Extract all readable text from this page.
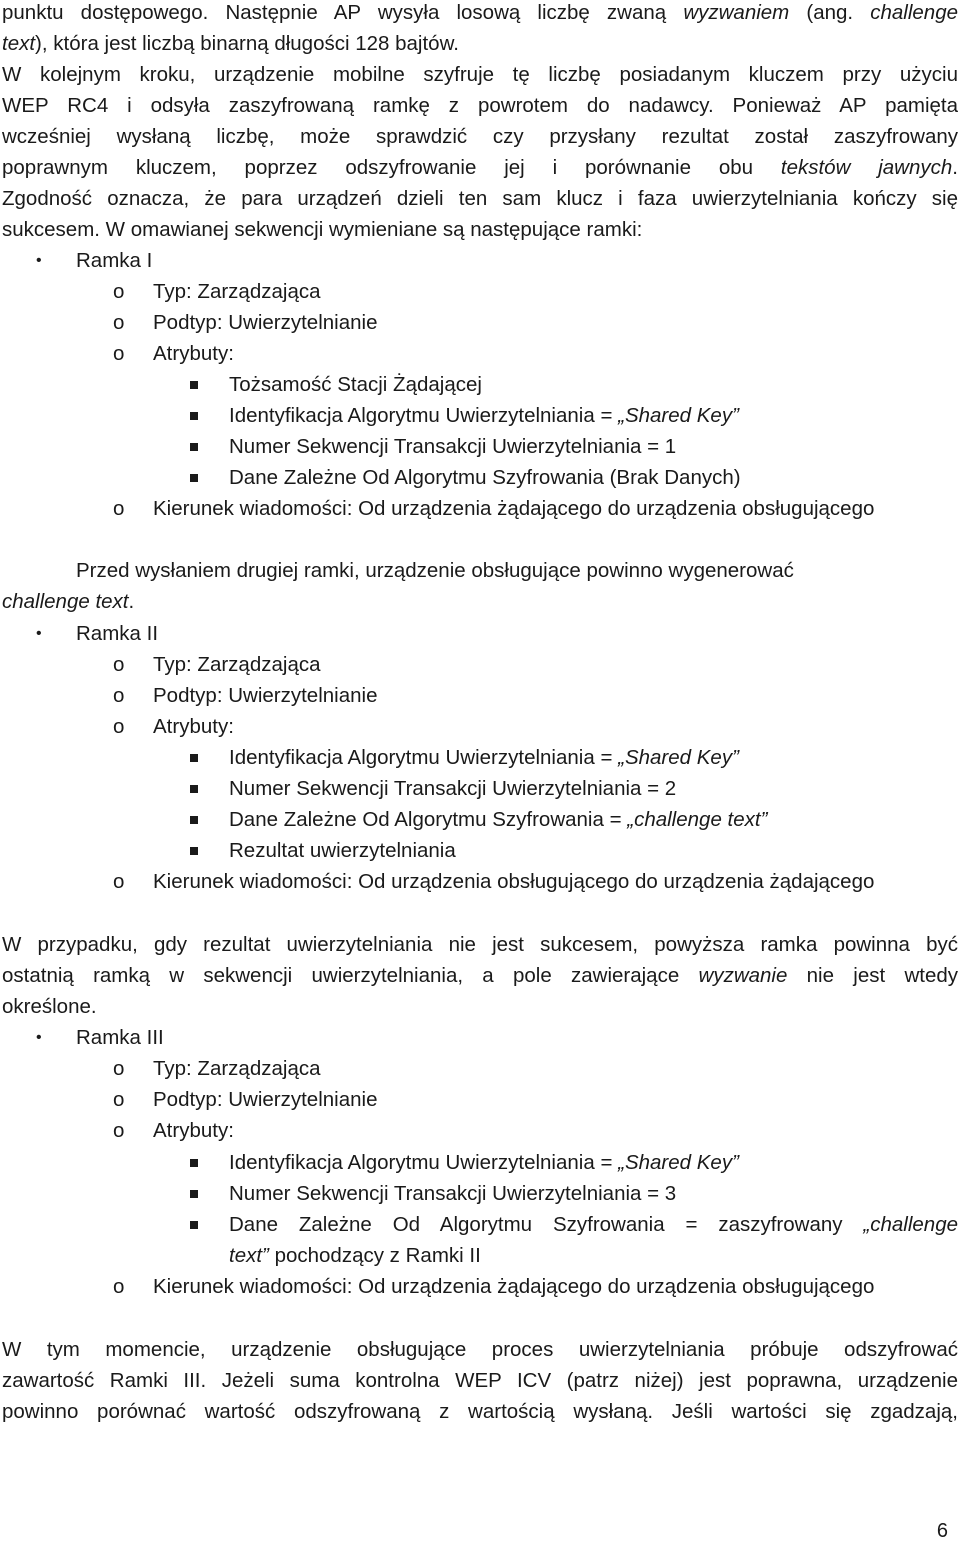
punktu dostępowego. Następnie AP wysyła losową liczbę zwaną wyzwaniem (ang. challenge
text), która jest liczbą binarną długości 128 bajtów.
W kolejnym kroku, urządzenie mobilne szyfruje tę liczbę posiadanym kluczem przy użyciu
WEP RC4 i odsyła zaszyfrowaną ramkę z powrotem do nadawcy. Ponieważ AP pamięta
wcześniej wysłaną liczbę, może sprawdzić czy przysłany rezultat został zaszyfrowany
poprawnym kluczem, poprzez odszyfrowanie jej i porównanie obu tekstów jawnych.
Zgodność oznacza, że para urządzeń dzieli ten sam klucz i faza uwierzytelniania kończy się
sukcesem. W omawianej sekwencji wymieniane są następujące ramki:
• Ramka I
o Typ: Zarządzająca
o Podtyp: Uwierzytelnianie
o Atrybuty:
Tożsamość Stacji Żądającej
Identyfikacja Algorytmu Uwierzytelniania = „Shared Key”
Numer Sekwencji Transakcji Uwierzytelniania = 1
Dane Zależne Od Algorytmu Szyfrowania (Brak Danych)
o Kierunek wiadomości: Od urządzenia żądającego do urządzenia obsługującego
Przed wysłaniem drugiej ramki, urządzenie obsługujące powinno wygenerować
challenge text.
• Ramka II
o Typ: Zarządzająca
o Podtyp: Uwierzytelnianie
o Atrybuty:
Identyfikacja Algorytmu Uwierzytelniania = „Shared Key”
Numer Sekwencji Transakcji Uwierzytelniania = 2
Dane Zależne Od Algorytmu Szyfrowania = „challenge text”
Rezultat uwierzytelniania
o Kierunek wiadomości: Od urządzenia obsługującego do urządzenia żądającego
W przypadku, gdy rezultat uwierzytelniania nie jest sukcesem, powyższa ramka powinna być
ostatnią ramką w sekwencji uwierzytelniania, a pole zawierające wyzwanie nie jest wtedy
określone.
• Ramka III
o Typ: Zarządzająca
o Podtyp: Uwierzytelnianie
o Atrybuty:
Identyfikacja Algorytmu Uwierzytelniania = „Shared Key”
Numer Sekwencji Transakcji Uwierzytelniania = 3
Dane Zależne Od Algorytmu Szyfrowania = zaszyfrowany „challenge
text” pochodzący z Ramki II
o Kierunek wiadomości: Od urządzenia żądającego do urządzenia obsługującego
W tym momencie, urządzenie obsługujące proces uwierzytelniania próbuje odszyfrować
zawartość Ramki III. Jeżeli suma kontrolna WEP ICV (patrz niżej) jest poprawna, urządzenie
powinno porównać wartość odszyfrowaną z wartością wysłaną. Jeśli wartości się zgadzają,
6
